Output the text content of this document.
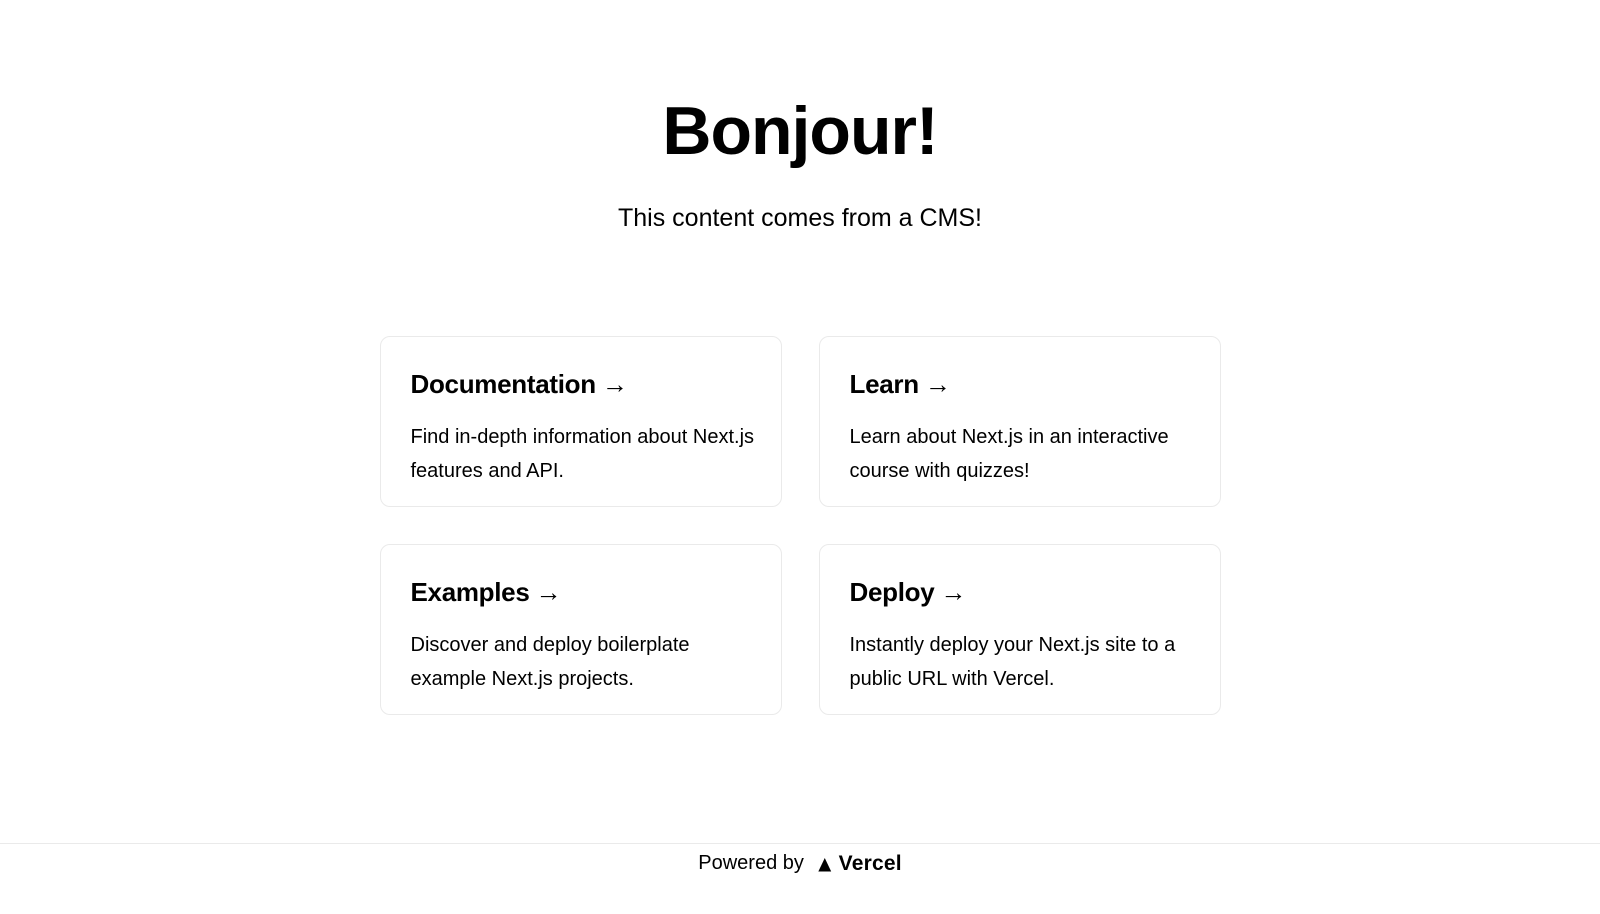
Bonjour!

This content comes from a CMS!

Documentation →

Find in-depth information about Next.js features and API.

Learn →

Learn about Next.js in an interactive course with quizzes!

Examples →

Discover and deploy boilerplate example Next.js projects.

Deploy →

Instantly deploy your Next.js site to a public URL with Vercel.

Powered by ▲ Vercel
